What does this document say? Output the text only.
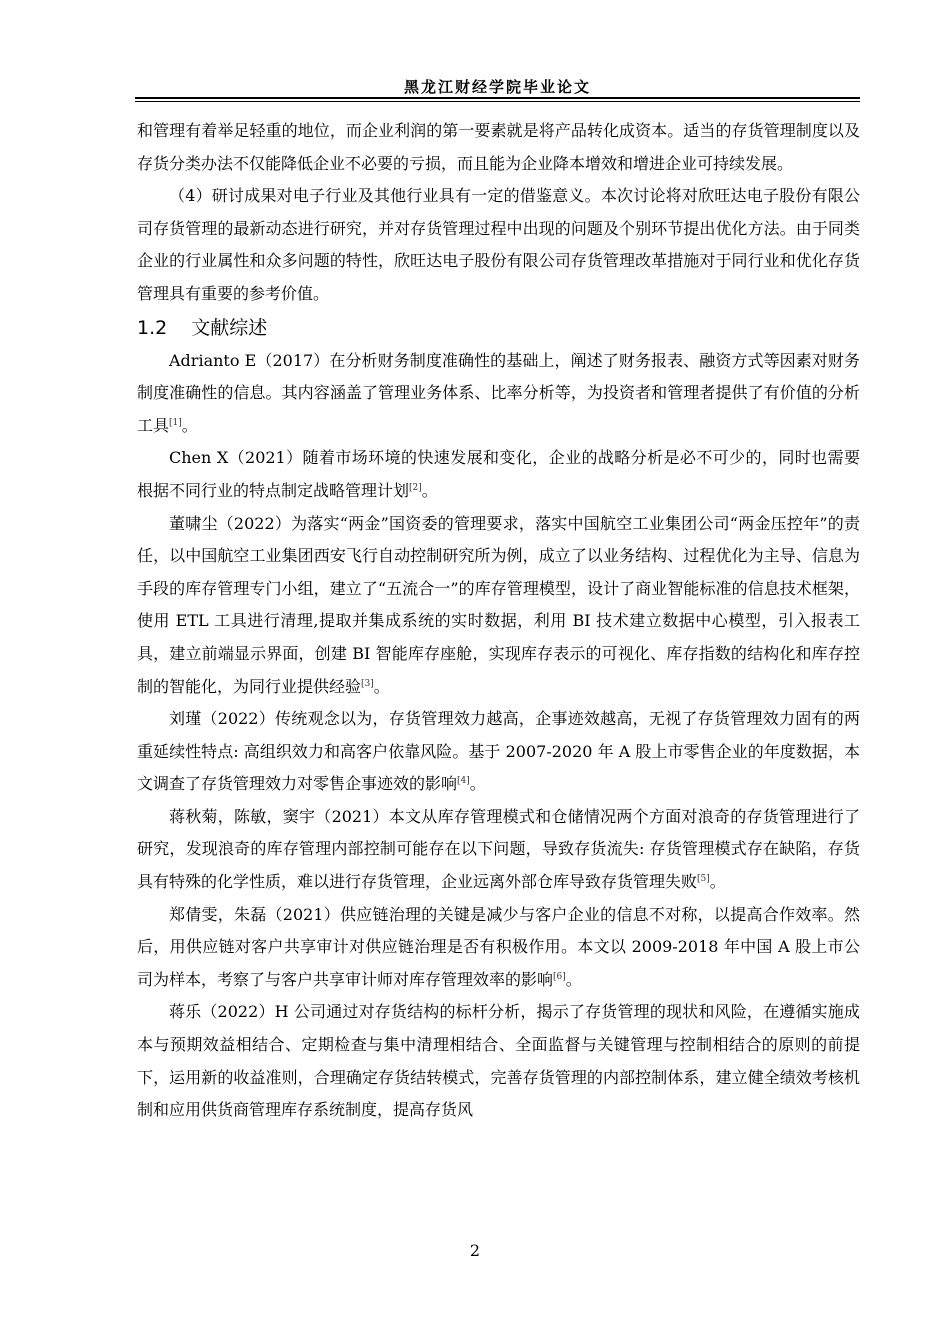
黑龙江财经学院毕业论文

和管理有着举足轻重的地位，而企业利润的第一要素就是将产品转化成资本。适当的存货管理制度以及存货分类办法不仅能降低企业不必要的亏损，而且能为企业降本增效和增进企业可持续发展。

（4）研讨成果对电子行业及其他行业具有一定的借鉴意义。本次讨论将对欣旺达电子股份有限公司存货管理的最新动态进行研究，并对存货管理过程中出现的问题及个别环节提出优化方法。由于同类企业的行业属性和众多问题的特性，欣旺达电子股份有限公司存货管理改革措施对于同行业和优化存货管理具有重要的参考价值。

1.2 文献综述

Adrianto E（2017）在分析财务制度准确性的基础上，阐述了财务报表、融资方式等因素对财务制度准确性的信息。其内容涵盖了管理业务体系、比率分析等，为投资者和管理者提供了有价值的分析工具[1]。

Chen X（2021）随着市场环境的快速发展和变化，企业的战略分析是必不可少的，同时也需要根据不同行业的特点制定战略管理计划[2]。

董啸尘（2022）为落实“两金”国资委的管理要求，落实中国航空工业集团公司“两金压控年”的责任，以中国航空工业集团西安飞行自动控制研究所为例，成立了以业务结构、过程优化为主导、信息为手段的库存管理专门小组，建立了“五流合一”的库存管理模型，设计了商业智能标准的信息技术框架，使用 ETL 工具进行清理,提取并集成系统的实时数据，利用 BI 技术建立数据中心模型，引入报表工具，建立前端显示界面，创建 BI 智能库存座舱，实现库存表示的可视化、库存指数的结构化和库存控制的智能化，为同行业提供经验[3]。

刘瑾（2022）传统观念以为，存货管理效力越高，企事迹效越高，无视了存货管理效力固有的两重延续性特点: 高组织效力和高客户依靠风险。基于 2007-2020 年 A 股上市零售企业的年度数据，本文调查了存货管理效力对零售企事迹效的影响[4]。

蒋秋菊，陈敏，窦宇（2021）本文从库存管理模式和仓储情况两个方面对浪奇的存货管理进行了研究，发现浪奇的库存管理内部控制可能存在以下问题，导致存货流失: 存货管理模式存在缺陷，存货具有特殊的化学性质，难以进行存货管理，企业远离外部仓库导致存货管理失败[5]。

郑倩雯，朱磊（2021）供应链治理的关键是减少与客户企业的信息不对称，以提高合作效率。然后，用供应链对客户共享审计对供应链治理是否有积极作用。本文以 2009-2018 年中国 A 股上市公司为样本，考察了与客户共享审计师对库存管理效率的影响[6]。

蒋乐（2022）H 公司通过对存货结构的标杆分析，揭示了存货管理的现状和风险，在遵循实施成本与预期效益相结合、定期检查与集中清理相结合、全面监督与关键管理与控制相结合的原则的前提下，运用新的收益准则，合理确定存货结转模式，完善存货管理的内部控制体系，建立健全绩效考核机制和应用供货商管理库存系统制度，提高存货风

2
